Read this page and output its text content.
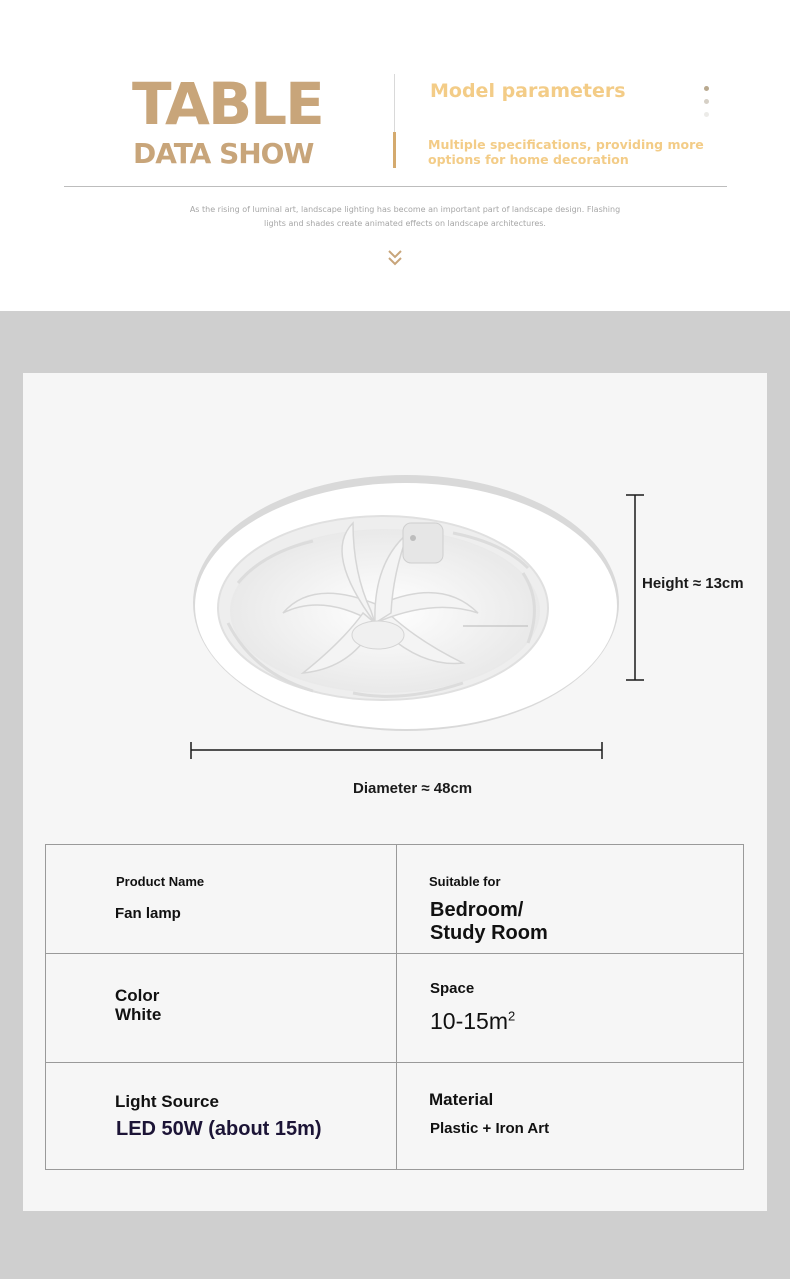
TABLE
DATA SHOW
Model parameters
Multiple specifications, providing more options for home decoration
As the rising of luminal art, landscape lighting has become an important part of landscape design. Flashing lights and shades create animated effects on landscape architectures.
Height ≈ 13cm
Diameter ≈ 48cm
Product Name
Fan lamp
Suitable for
Bedroom/
Study Room
Color
White
Space
$10-15m^2$
Light Source
LED 50W (about 15m)
Material
Plastic + Iron Art
